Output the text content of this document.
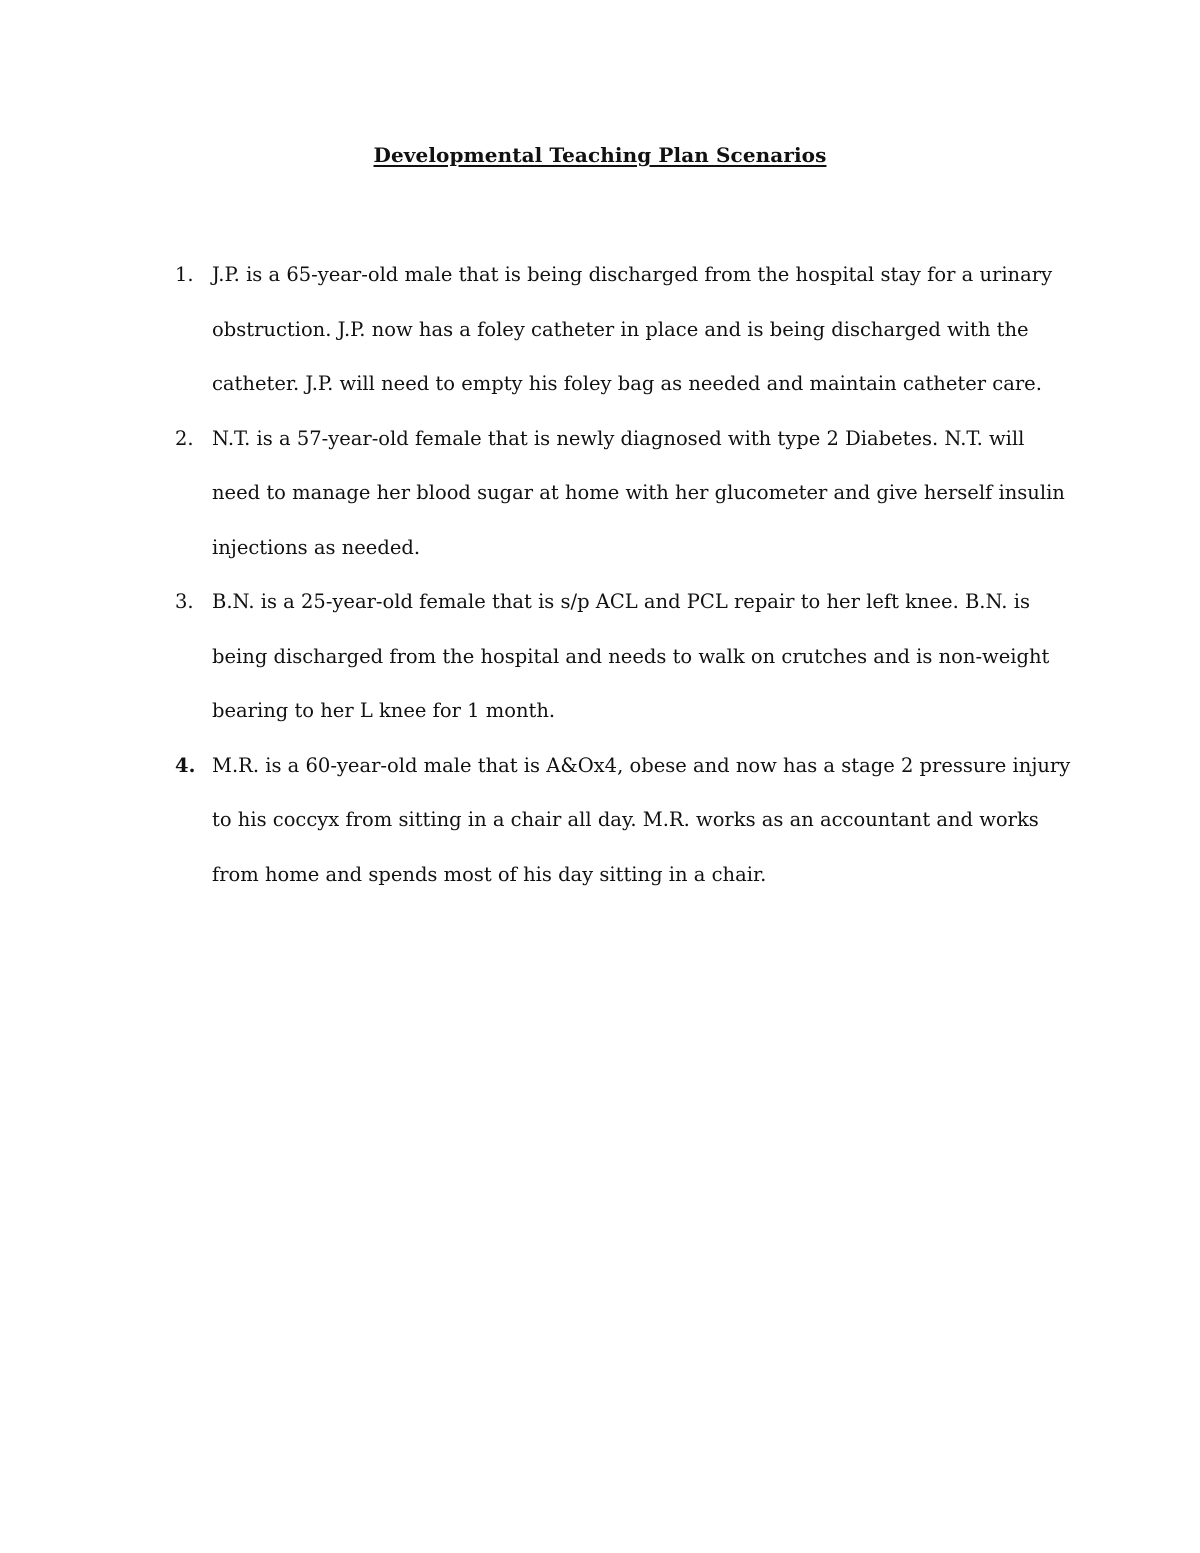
Developmental Teaching Plan Scenarios
1. J.P. is a 65-year-old male that is being discharged from the hospital stay for a urinary obstruction. J.P. now has a foley catheter in place and is being discharged with the catheter. J.P. will need to empty his foley bag as needed and maintain catheter care.
2. N.T. is a 57-year-old female that is newly diagnosed with type 2 Diabetes. N.T. will need to manage her blood sugar at home with her glucometer and give herself insulin injections as needed.
3. B.N. is a 25-year-old female that is s/p ACL and PCL repair to her left knee. B.N. is being discharged from the hospital and needs to walk on crutches and is non-weight bearing to her L knee for 1 month.
4. M.R. is a 60-year-old male that is A&Ox4, obese and now has a stage 2 pressure injury to his coccyx from sitting in a chair all day. M.R. works as an accountant and works from home and spends most of his day sitting in a chair.
